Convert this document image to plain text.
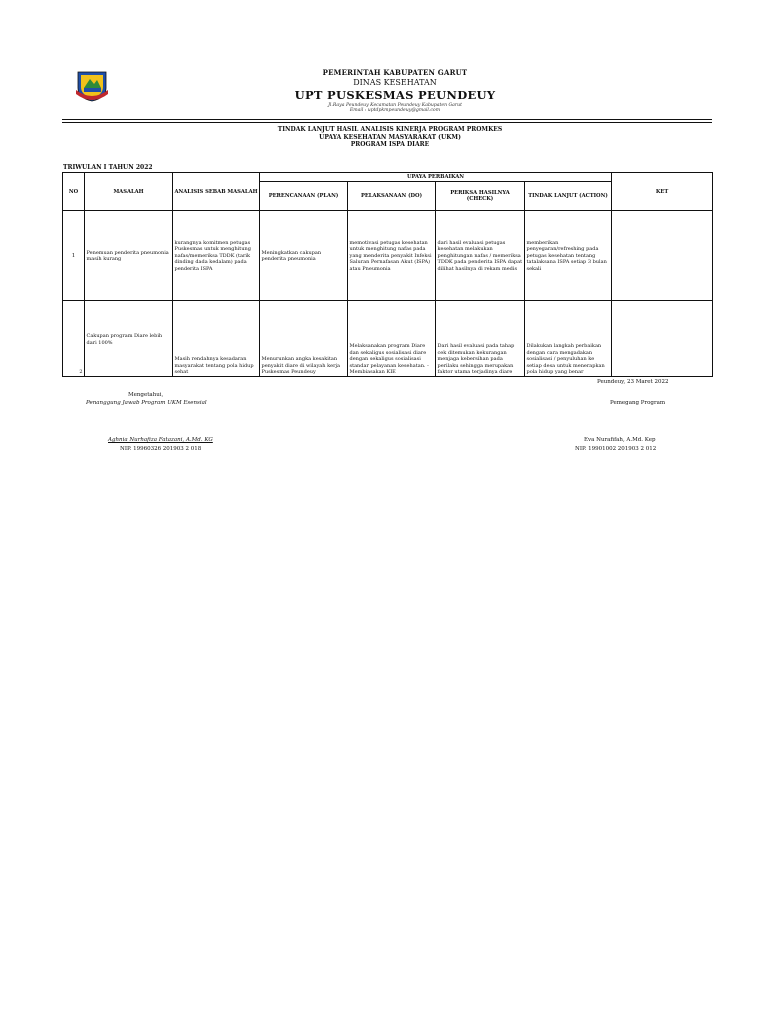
PEMERINTAH KABUPATEN GARUT
DINAS KESEHATAN
UPT PUSKESMAS PEUNDEUY
Jl.Raya Peundeuy Kecamatan Peundeuy Kabupaten Garut
Email : uptdpkmpeundeuy@gmail.com
TINDAK LANJUT HASIL ANALISIS KINERJA PROGRAM PROMKES
UPAYA KESEHATAN MASYARAKAT (UKM)
PROGRAM ISPA DIARE
TRIWULAN I TAHUN 2022
NO	MASALAH	ANALISIS SEBAB MASALAH	UPAYA PERBAIKAN				KET
			PERENCANAAN (PLAN)	PELAKSANAAN (DO)	PERIKSA HASILNYA (CHECK)	TINDAK LANJUT (ACTION)	
1	Penemuan penderita pneumonia masih kurang	kurangnya komitmen petugas Puskesmas untuk menghitung nafas/memeriksa TDDK (tarik dinding dada kedalam) pada penderita ISPA	Meningkatkan cakupan penderita pneumonia	memotivasi petugas kesehatan untuk menghitung nafas pada yang menderita penyakit Infeksi Saluran Pernafasan Akut (ISPA) atau Pneumonia	dari hasil evaluasi petugas kesehatan melakukan penghitungan nafas / memeriksa TDDK pada penderita ISPA dapat dilihat hasilnya di rekam medis	memberikan penyegaran/refreshing pada petugas kesehatan tentang tatalaksana ISPA setiap 3 bulan sekali	
2	Cakupan program Diare lebih dari 100%	Masih rendahnya kesadaran masyarakat tentang pola hidup sehat	Menurunkan angka kesakitan penyakit diare di wilayah kerja Puskesmas Peundeuy	Melaksanakan program Diare dan sekaligus sosialisasi diare dengan sekaligus sosialisasi standar pelayanan kesehatan. - Membiasakan KIE	Dari hasil evaluasi pada tahap cek ditemukan kekurangan menjaga kebersihan pada perilaku sehingga merupakan faktor utama terjadinya diare	Dilakukan langkah perbaikan dengan cara mengadakan sosialisasi / penyuluhan ke setiap desa untuk menerapkan pola hidup yang benar	
Peundeuy, 23 Maret 2022
Mengetahui,
Penanggung Jawab Program UKM Esensial	Pemegang Program
Aghnia Nurhafiza Fatazani, A.Md. KG
NIP. 19960326 201903 2 018
Eva Nurafifah, A.Md. Kep
NIP. 19901002 201903 2 012
